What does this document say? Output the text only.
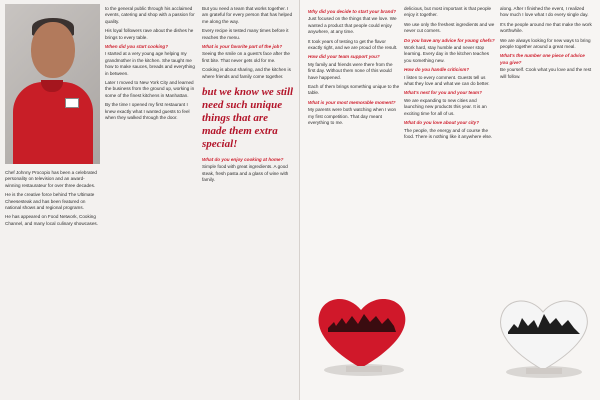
Chef Johnny Procopio has been a celebrated personality on television and an award-winning restaurateur for over three decades.

He is the creative force behind The Ultimate Cheesesteak and has been featured on national shows and regional programs.

He has appeared on Food Network, Cooking Channel, and many local culinary showcases.

to the general public through his acclaimed events, catering and shop with a passion for quality.

His loyal followers rave about the dishes he brings to every table.

When did you start cooking?

I started at a very young age helping my grandmother in the kitchen. She taught me how to make sauces, breads and everything in between.

Later I moved to New York City and learned the business from the ground up, working in some of the finest kitchens in Manhattan.

By the time I opened my first restaurant I knew exactly what I wanted guests to feel when they walked through the door.

But you need a team that works together. I am grateful for every person that has helped me along the way.

Every recipe is tested many times before it reaches the menu.

What is your favorite part of the job?

Seeing the smile on a guest's face after the first bite. That never gets old for me.

Cooking is about sharing, and the kitchen is where friends and family come together.

but we know we still need such unique things that are made them extra special!
What do you enjoy cooking at home?

Simple food with great ingredients. A good steak, fresh pasta and a glass of wine with family.

Why did you decide to start your brand?

Just focused on the things that we love. We wanted a product that people could enjoy anywhere, at any time.

It took years of testing to get the flavor exactly right, and we are proud of the result.

How did your team support you?

My family and friends were there from the first day. Without them none of this would have happened.

Each of them brings something unique to the table.

What is your most memorable moment?

My parents were both watching when I won my first competition. That day meant everything to me.

delicious, but most important is that people enjoy it together.

We use only the freshest ingredients and we never cut corners.

Do you have any advice for young chefs?

Work hard, stay humble and never stop learning. Every day in the kitchen teaches you something new.

How do you handle criticism?

I listen to every comment. Guests tell us what they love and what we can do better.

What's next for you and your team?

We are expanding to new cities and launching new products this year. It is an exciting time for all of us.

What do you love about your city?

The people, the energy and of course the food. There is nothing like it anywhere else.

along. After I finished the event, I realized how much I love what I do every single day.

It's the people around me that make the work worthwhile.

We are always looking for new ways to bring people together around a great meal.

What's the number one piece of advice you give?

Be yourself. Cook what you love and the rest will follow.
